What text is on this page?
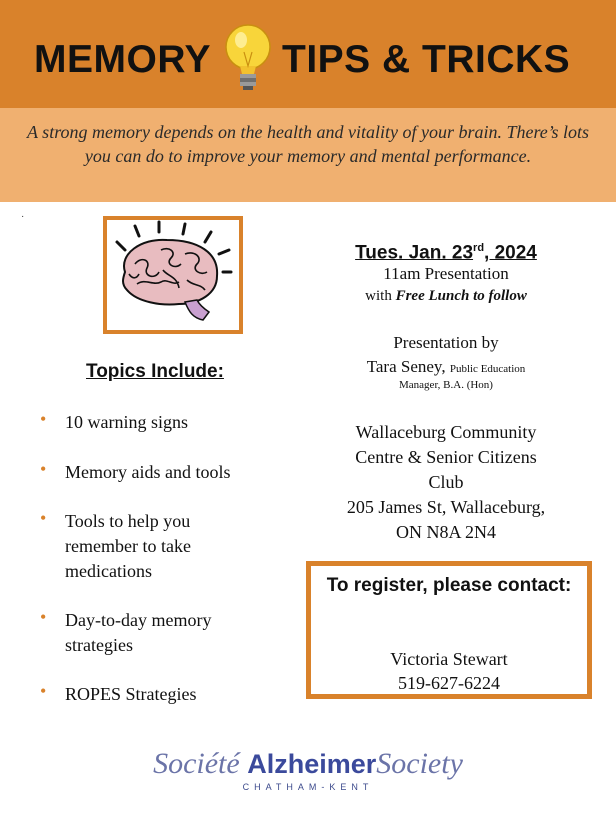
MEMORY TIPS & TRICKS
A strong memory depends on the health and vitality of your brain. There’s lots you can do to improve your memory and mental performance.
·
Topics Include:
• 10 warning signs
• Memory aids and tools
• Tools to help you remember to take medications
• Day-to-day memory strategies
• ROPES Strategies
Tues. Jan. 23rd, 2024
11am Presentation
with Free Lunch to follow
Presentation by
Tara Seney, Public Education
Manager, B.A. (Hon)
Wallaceburg Community
Centre & Senior Citizens
Club
205 James St, Wallaceburg,
ON N8A 2N4
To register, please contact:
Victoria Stewart
519-627-6224
Société AlzheimerSociety
CHATHAM-KENT
